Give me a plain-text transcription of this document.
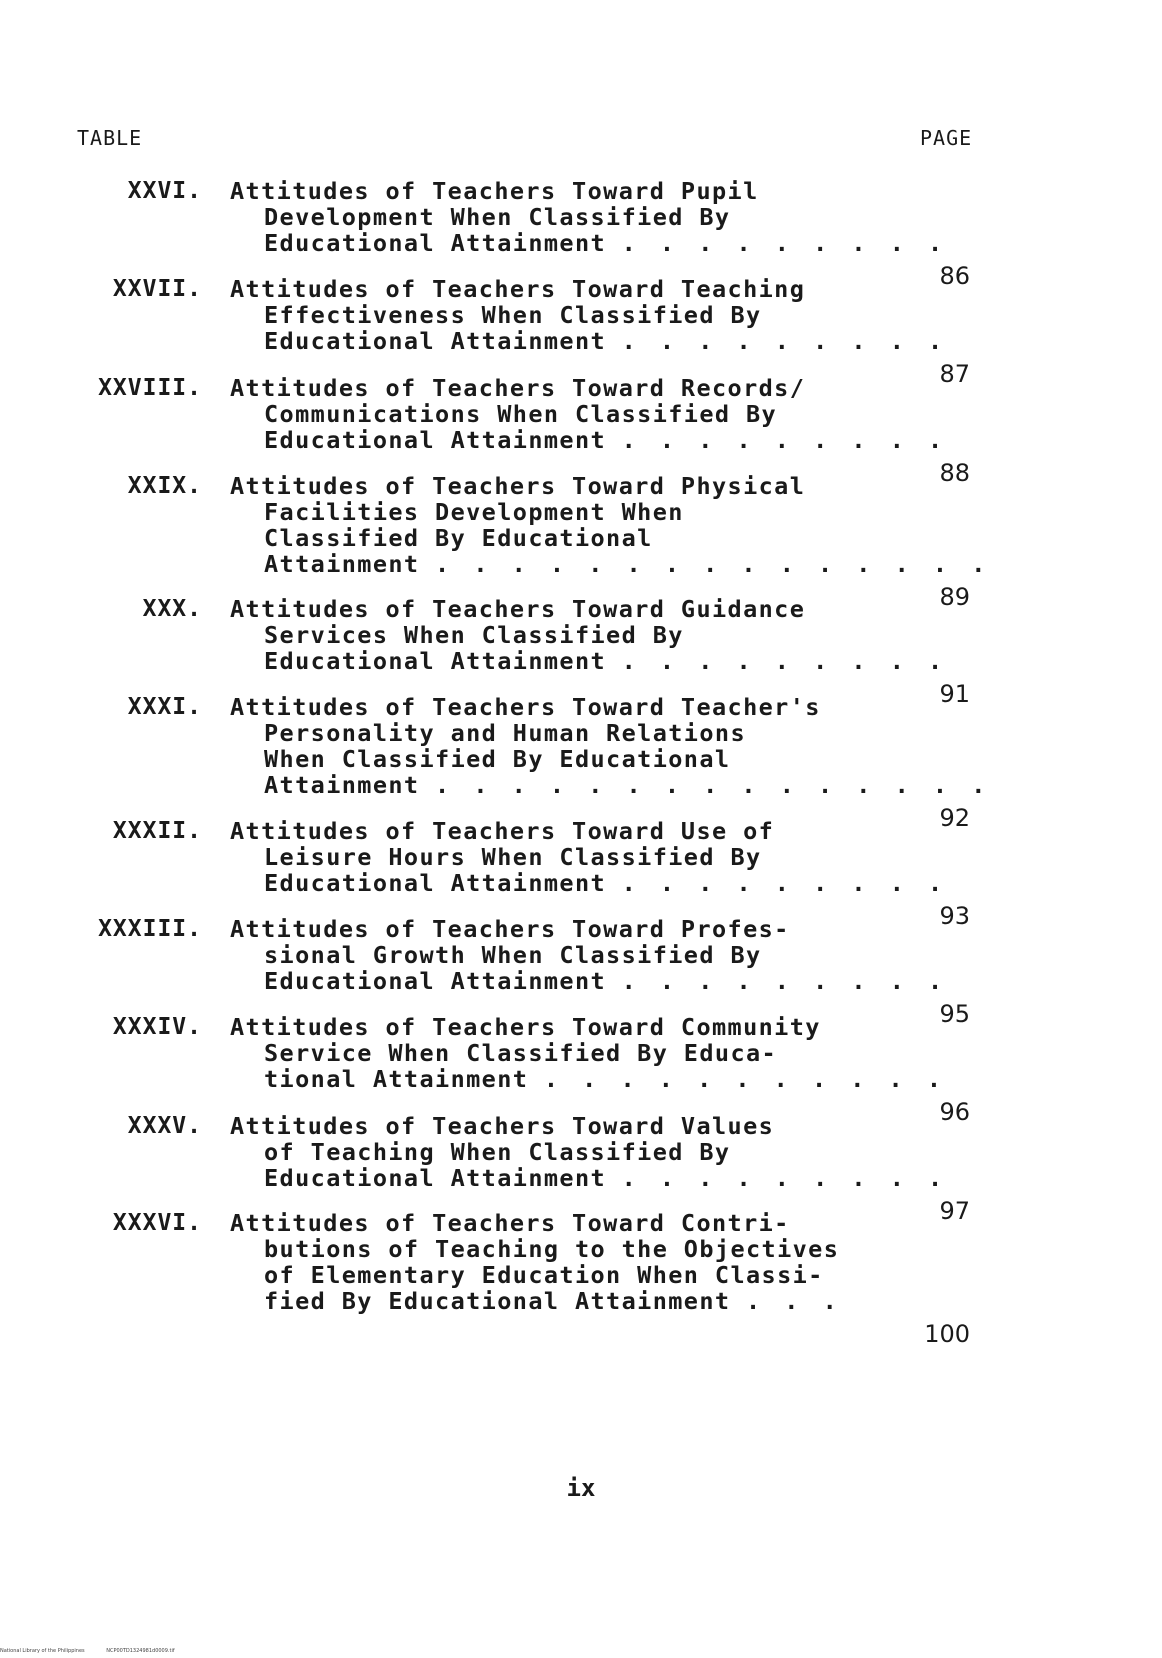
TABLE	PAGE
XXVI. Attitudes of Teachers Toward Pupil
Development When Classified By
Educational Attainment . . . . . . . . .
86
XXVII. Attitudes of Teachers Toward Teaching
Effectiveness When Classified By
Educational Attainment . . . . . . . . .
87
XXVIII. Attitudes of Teachers Toward Records/
Communications When Classified By
Educational Attainment . . . . . . . . .
88
XXIX. Attitudes of Teachers Toward Physical
Facilities Development When
Classified By Educational
Attainment . . . . . . . . . . . . . . .
89
XXX. Attitudes of Teachers Toward Guidance
Services When Classified By
Educational Attainment . . . . . . . . .
91
XXXI. Attitudes of Teachers Toward Teacher's
Personality and Human Relations
When Classified By Educational
Attainment . . . . . . . . . . . . . . .
92
XXXII. Attitudes of Teachers Toward Use of
Leisure Hours When Classified By
Educational Attainment . . . . . . . . .
93
XXXIII. Attitudes of Teachers Toward Profes-
sional Growth When Classified By
Educational Attainment . . . . . . . . .
95
XXXIV. Attitudes of Teachers Toward Community
Service When Classified By Educa-
tional Attainment . . . . . . . . . . .
96
XXXV. Attitudes of Teachers Toward Values
of Teaching When Classified By
Educational Attainment . . . . . . . . .
97
XXXVI. Attitudes of Teachers Toward Contri-
butions of Teaching to the Objectives
of Elementary Education When Classi-
fied By Educational Attainment . . .
100
ix
National Library of the Philippines	NCP00TD1324981d0009.tif
